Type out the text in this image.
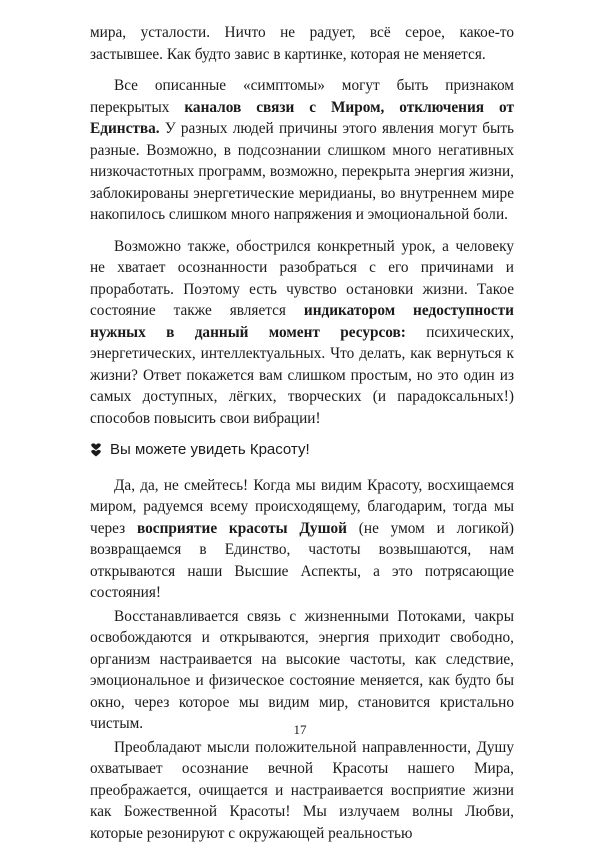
мира, усталости. Ничто не радует, всё серое, какое-то застывшее. Как будто завис в картинке, которая не меняется.

Все описанные «симптомы» могут быть признаком перекрытых каналов связи с Миром, отключения от Единства. У разных людей причины этого явления могут быть разные. Возможно, в подсознании слишком много негативных низкочастотных программ, возможно, перекрыта энергия жизни, заблокированы энергетические меридианы, во внутреннем мире накопилось слишком много напряжения и эмоциональной боли.

Возможно также, обострился конкретный урок, а человеку не хватает осознанности разобраться с его причинами и проработать. Поэтому есть чувство остановки жизни. Такое состояние также является индикатором недоступности нужных в данный момент ресурсов: психических, энергетических, интеллектуальных. Что делать, как вернуться к жизни? Ответ покажется вам слишком простым, но это один из самых доступных, лёгких, творческих (и парадоксальных!) способов повысить свои вибрации!

Вы можете увидеть Красоту!

Да, да, не смейтесь! Когда мы видим Красоту, восхищаемся миром, радуемся всему происходящему, благодарим, тогда мы через восприятие красоты Душой (не умом и логикой) возвращаемся в Единство, частоты возвышаются, нам открываются наши Высшие Аспекты, а это потрясающие состояния!

Восстанавливается связь с жизненными Потоками, чакры освобождаются и открываются, энергия приходит свободно, организм настраивается на высокие частоты, как следствие, эмоциональное и физическое состояние меняется, как будто бы окно, через которое мы видим мир, становится кристально чистым.

Преобладают мысли положительной направленности, Душу охватывает осознание вечной Красоты нашего Мира, преображается, очищается и настраивается восприятие жизни как Божественной Красоты! Мы излучаем волны Любви, которые резонируют с окружающей реальностью

17
